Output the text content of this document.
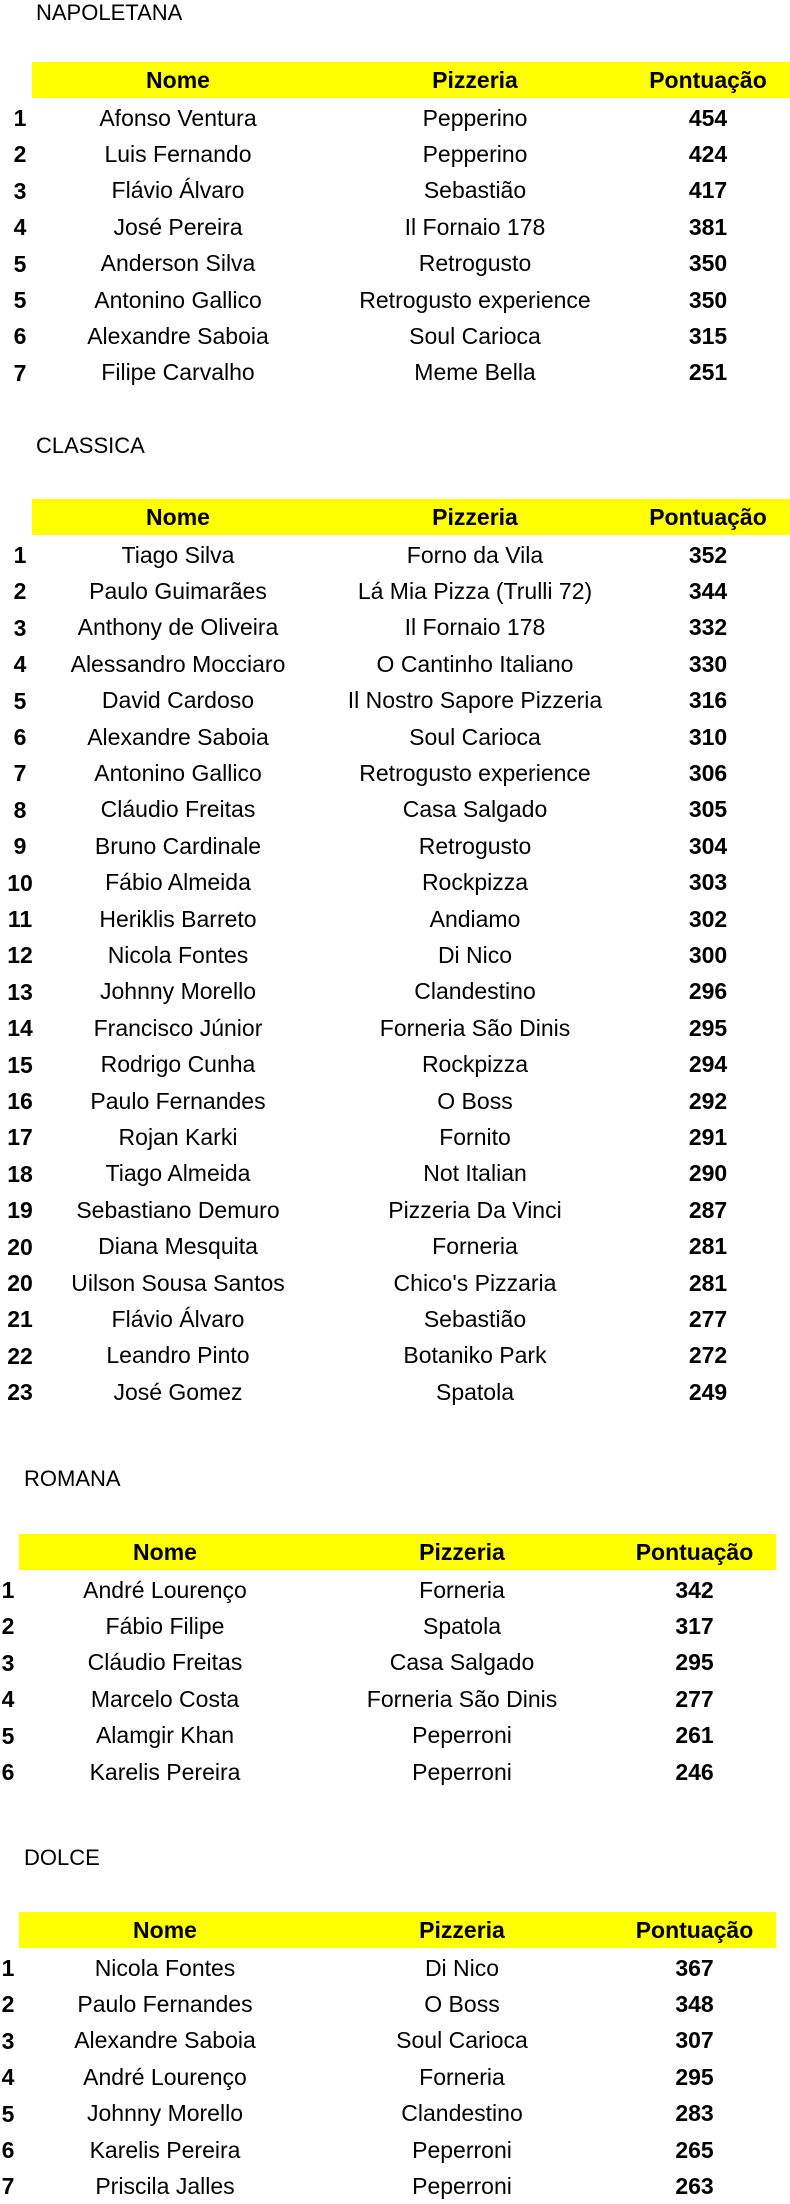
NAPOLETANA
Nome	Pizzeria	Pontuação
1	Afonso Ventura	Pepperino	454
2	Luis Fernando	Pepperino	424
3	Flávio Álvaro	Sebastião	417
4	José Pereira	Il Fornaio 178	381
5	Anderson Silva	Retrogusto	350
5	Antonino Gallico	Retrogusto experience	350
6	Alexandre Saboia	Soul Carioca	315
7	Filipe Carvalho	Meme Bella	251
CLASSICA
Nome	Pizzeria	Pontuação
1	Tiago Silva	Forno da Vila	352
2	Paulo Guimarães	Lá Mia Pizza (Trulli 72)	344
3	Anthony de Oliveira	Il Fornaio 178	332
4	Alessandro Mocciaro	O Cantinho Italiano	330
5	David Cardoso	Il Nostro Sapore Pizzeria	316
6	Alexandre Saboia	Soul Carioca	310
7	Antonino Gallico	Retrogusto experience	306
8	Cláudio Freitas	Casa Salgado	305
9	Bruno Cardinale	Retrogusto	304
10	Fábio Almeida	Rockpizza	303
11	Heriklis Barreto	Andiamo	302
12	Nicola Fontes	Di Nico	300
13	Johnny Morello	Clandestino	296
14	Francisco Júnior	Forneria São Dinis	295
15	Rodrigo Cunha	Rockpizza	294
16	Paulo Fernandes	O Boss	292
17	Rojan Karki	Fornito	291
18	Tiago Almeida	Not Italian	290
19	Sebastiano Demuro	Pizzeria Da Vinci	287
20	Diana Mesquita	Forneria	281
20	Uilson Sousa Santos	Chico's Pizzaria	281
21	Flávio Álvaro	Sebastião	277
22	Leandro Pinto	Botaniko Park	272
23	José Gomez	Spatola	249
ROMANA
Nome	Pizzeria	Pontuação
1	André Lourenço	Forneria	342
2	Fábio Filipe	Spatola	317
3	Cláudio Freitas	Casa Salgado	295
4	Marcelo Costa	Forneria São Dinis	277
5	Alamgir Khan	Peperroni	261
6	Karelis Pereira	Peperroni	246
DOLCE
Nome	Pizzeria	Pontuação
1	Nicola Fontes	Di Nico	367
2	Paulo Fernandes	O Boss	348
3	Alexandre Saboia	Soul Carioca	307
4	André Lourenço	Forneria	295
5	Johnny Morello	Clandestino	283
6	Karelis Pereira	Peperroni	265
7	Priscila Jalles	Peperroni	263
